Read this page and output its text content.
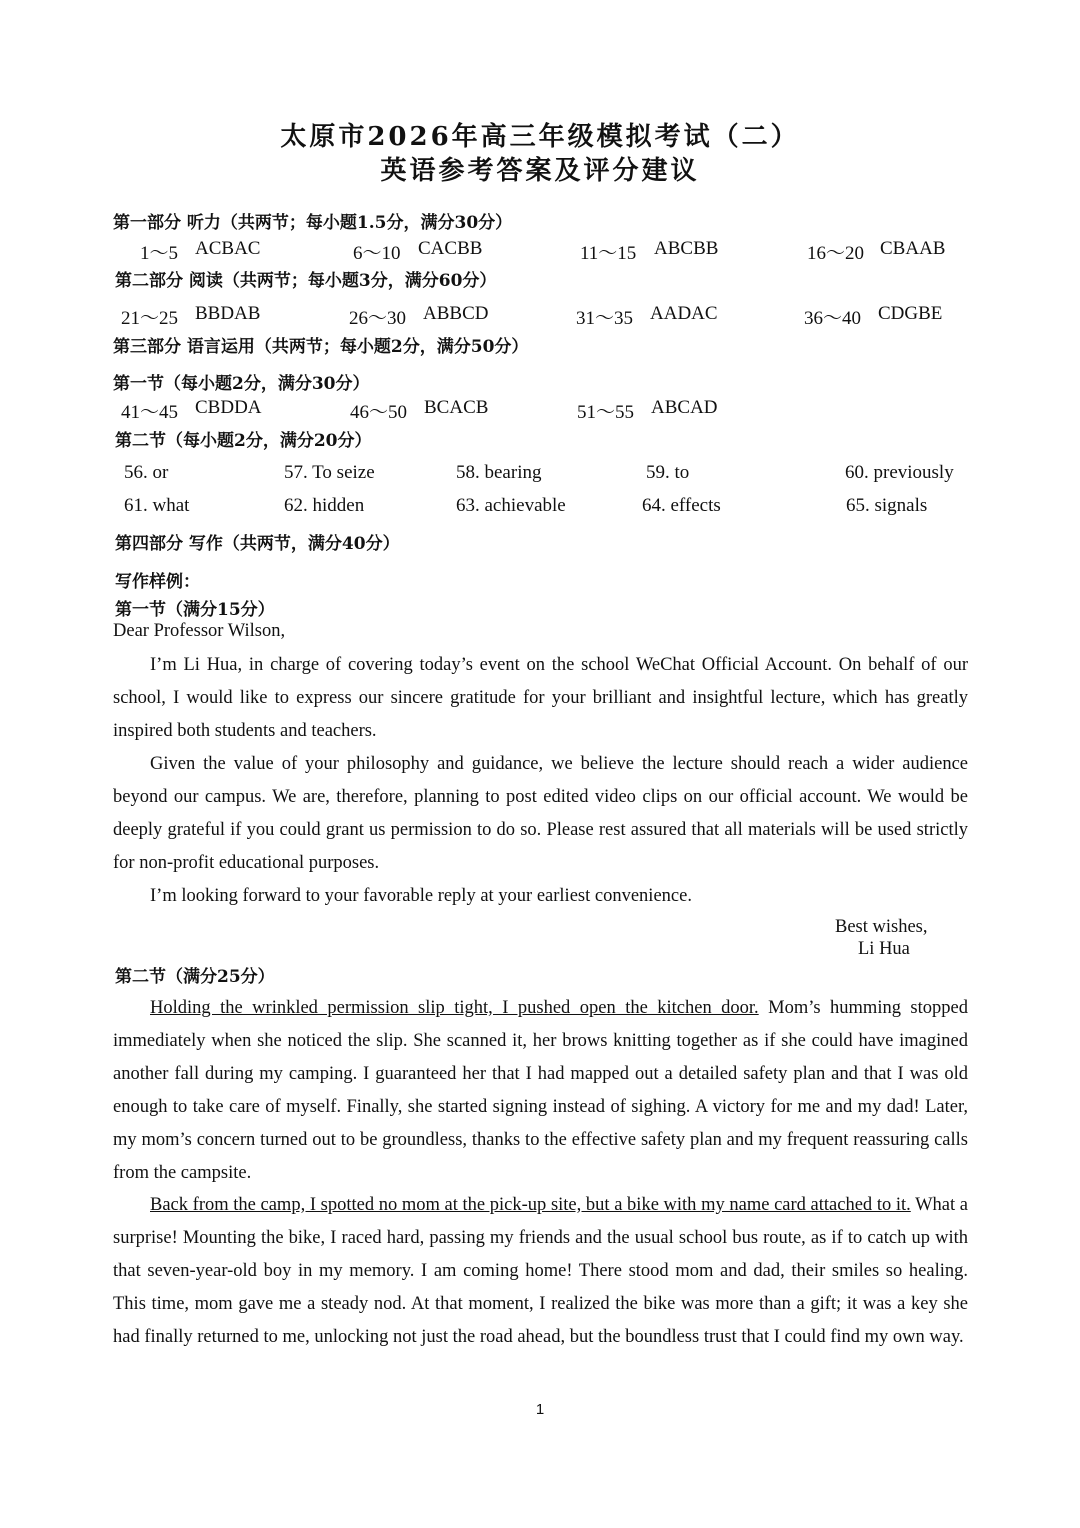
太原市2026年高三年级模拟考试（二）
英语参考答案及评分建议
第一部分 听力（共两节；每小题1.5分，满分30分）
1～5 ACBAC	6～10 CACBB	11～15 ABCBB	16～20 CBAAB
第二部分 阅读（共两节；每小题3分，满分60分）
21～25 BBDAB	26～30 ABBCD	31～35 AADAC	36～40 CDGBE
第三部分 语言运用（共两节；每小题2分，满分50分）
第一节（每小题2分，满分30分）
41～45 CBDDA	46～50 BCACB	51～55 ABCAD
第二节（每小题2分，满分20分）
56. or	57. To seize	58. bearing	59. to	60. previously
61. what	62. hidden	63. achievable	64. effects	65. signals
第四部分 写作（共两节，满分40分）
写作样例：
第一节（满分15分）
Dear Professor Wilson,
I’m Li Hua, in charge of covering today’s event on the school WeChat Official Account. On behalf of our school, I would like to express our sincere gratitude for your brilliant and insightful lecture, which has greatly inspired both students and teachers.
Given the value of your philosophy and guidance, we believe the lecture should reach a wider audience beyond our campus. We are, therefore, planning to post edited video clips on our official account. We would be deeply grateful if you could grant us permission to do so. Please rest assured that all materials will be used strictly for non-profit educational purposes.
I’m looking forward to your favorable reply at your earliest convenience.
Best wishes,
Li Hua
第二节（满分25分）
Holding the wrinkled permission slip tight, I pushed open the kitchen door. Mom’s humming stopped immediately when she noticed the slip. She scanned it, her brows knitting together as if she could have imagined another fall during my camping. I guaranteed her that I had mapped out a detailed safety plan and that I was old enough to take care of myself. Finally, she started signing instead of sighing. A victory for me and my dad! Later, my mom’s concern turned out to be groundless, thanks to the effective safety plan and my frequent reassuring calls from the campsite.
Back from the camp, I spotted no mom at the pick-up site, but a bike with my name card attached to it. What a surprise! Mounting the bike, I raced hard, passing my friends and the usual school bus route, as if to catch up with that seven-year-old boy in my memory. I am coming home! There stood mom and dad, their smiles so healing. This time, mom gave me a steady nod. At that moment, I realized the bike was more than a gift; it was a key she had finally returned to me, unlocking not just the road ahead, but the boundless trust that I could find my own way.
1
